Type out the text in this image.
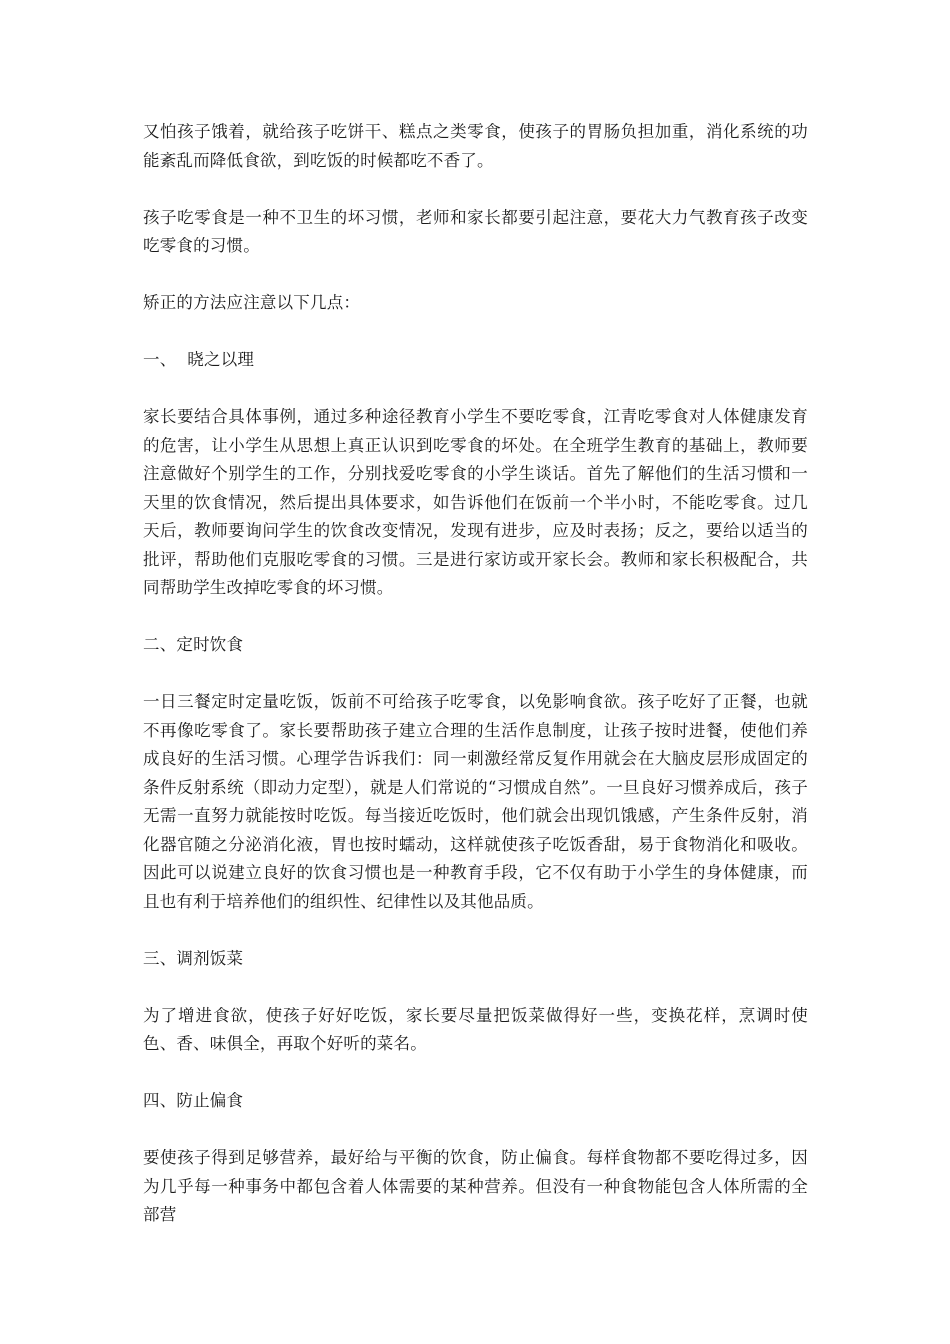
又怕孩子饿着，就给孩子吃饼干、糕点之类零食，使孩子的胃肠负担加重，消化系统的功能紊乱而降低食欲，到吃饭的时候都吃不香了。

孩子吃零食是一种不卫生的坏习惯，老师和家长都要引起注意，要花大力气教育孩子改变吃零食的习惯。

矫正的方法应注意以下几点：

一、  晓之以理

家长要结合具体事例，通过多种途径教育小学生不要吃零食，江青吃零食对人体健康发育的危害，让小学生从思想上真正认识到吃零食的坏处。在全班学生教育的基础上，教师要注意做好个别学生的工作，分别找爱吃零食的小学生谈话。首先了解他们的生活习惯和一天里的饮食情况，然后提出具体要求，如告诉他们在饭前一个半小时，不能吃零食。过几天后，教师要询问学生的饮食改变情况，发现有进步，应及时表扬；反之，要给以适当的批评，帮助他们克服吃零食的习惯。三是进行家访或开家长会。教师和家长积极配合，共同帮助学生改掉吃零食的坏习惯。

二、定时饮食

一日三餐定时定量吃饭，饭前不可给孩子吃零食，以免影响食欲。孩子吃好了正餐，也就不再像吃零食了。家长要帮助孩子建立合理的生活作息制度，让孩子按时进餐，使他们养成良好的生活习惯。心理学告诉我们：同一刺激经常反复作用就会在大脑皮层形成固定的条件反射系统（即动力定型），就是人们常说的“习惯成自然”。一旦良好习惯养成后，孩子无需一直努力就能按时吃饭。每当接近吃饭时，他们就会出现饥饿感，产生条件反射，消化器官随之分泌消化液，胃也按时蠕动，这样就使孩子吃饭香甜，易于食物消化和吸收。因此可以说建立良好的饮食习惯也是一种教育手段，它不仅有助于小学生的身体健康，而且也有利于培养他们的组织性、纪律性以及其他品质。

三、调剂饭菜

为了增进食欲，使孩子好好吃饭，家长要尽量把饭菜做得好一些，变换花样，烹调时使色、香、味俱全，再取个好听的菜名。

四、防止偏食

要使孩子得到足够营养，最好给与平衡的饮食，防止偏食。每样食物都不要吃得过多，因为几乎每一种事务中都包含着人体需要的某种营养。但没有一种食物能包含人体所需的全部营
